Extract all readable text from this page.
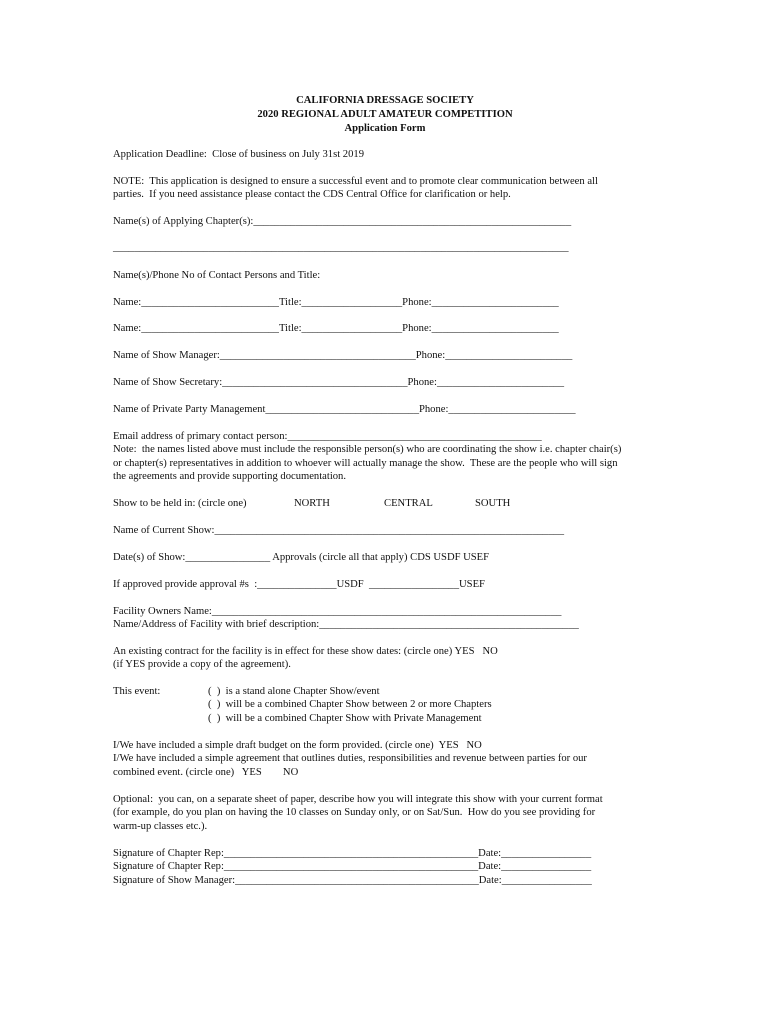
CALIFORNIA DRESSAGE SOCIETY
2020 REGIONAL ADULT AMATEUR COMPETITION
Application Form
Application Deadline:  Close of business on July 31st 2019
NOTE:  This application is designed to ensure a successful event and to promote clear communication between all
parties.  If you need assistance please contact the CDS Central Office for clarification or help.
Name(s) of Applying Chapter(s):____________________________________________________________
______________________________________________________________________________________
Name(s)/Phone No of Contact Persons and Title:
Name:__________________________Title:___________________Phone:________________________
Name:__________________________Title:___________________Phone:________________________
Name of Show Manager:_____________________________________Phone:________________________
Name of Show Secretary:___________________________________Phone:________________________
Name of Private Party Management_____________________________Phone:________________________
Email address of primary contact person:________________________________________________
Note:  the names listed above must include the responsible person(s) who are coordinating the show i.e. chapter chair(s)
or chapter(s) representatives in addition to whoever will actually manage the show.  These are the people who will sign
the agreements and provide supporting documentation.
Show to be held in: (circle one)	NORTH	CENTRAL	SOUTH
Name of Current Show:__________________________________________________________________
Date(s) of Show:________________ Approvals (circle all that apply) CDS USDF USEF
If approved provide approval #s  :_______________USDF  _________________USEF
Facility Owners Name:__________________________________________________________________
Name/Address of Facility with brief description:_________________________________________________
An existing contract for the facility is in effect for these show dates: (circle one) YES   NO
(if YES provide a copy of the agreement).
This event:	(  )  is a stand alone Chapter Show/event
(  )  will be a combined Chapter Show between 2 or more Chapters
(  )  will be a combined Chapter Show with Private Management
I/We have included a simple draft budget on the form provided. (circle one)  YES   NO
I/We have included a simple agreement that outlines duties, responsibilities and revenue between parties for our
combined event. (circle one)   YES        NO
Optional:  you can, on a separate sheet of paper, describe how you will integrate this show with your current format
(for example, do you plan on having the 10 classes on Sunday only, or on Sat/Sun.  How do you see providing for
warm-up classes etc.).
Signature of Chapter Rep:________________________________________________Date:_________________
Signature of Chapter Rep:________________________________________________Date:_________________
Signature of Show Manager:______________________________________________Date:_________________
